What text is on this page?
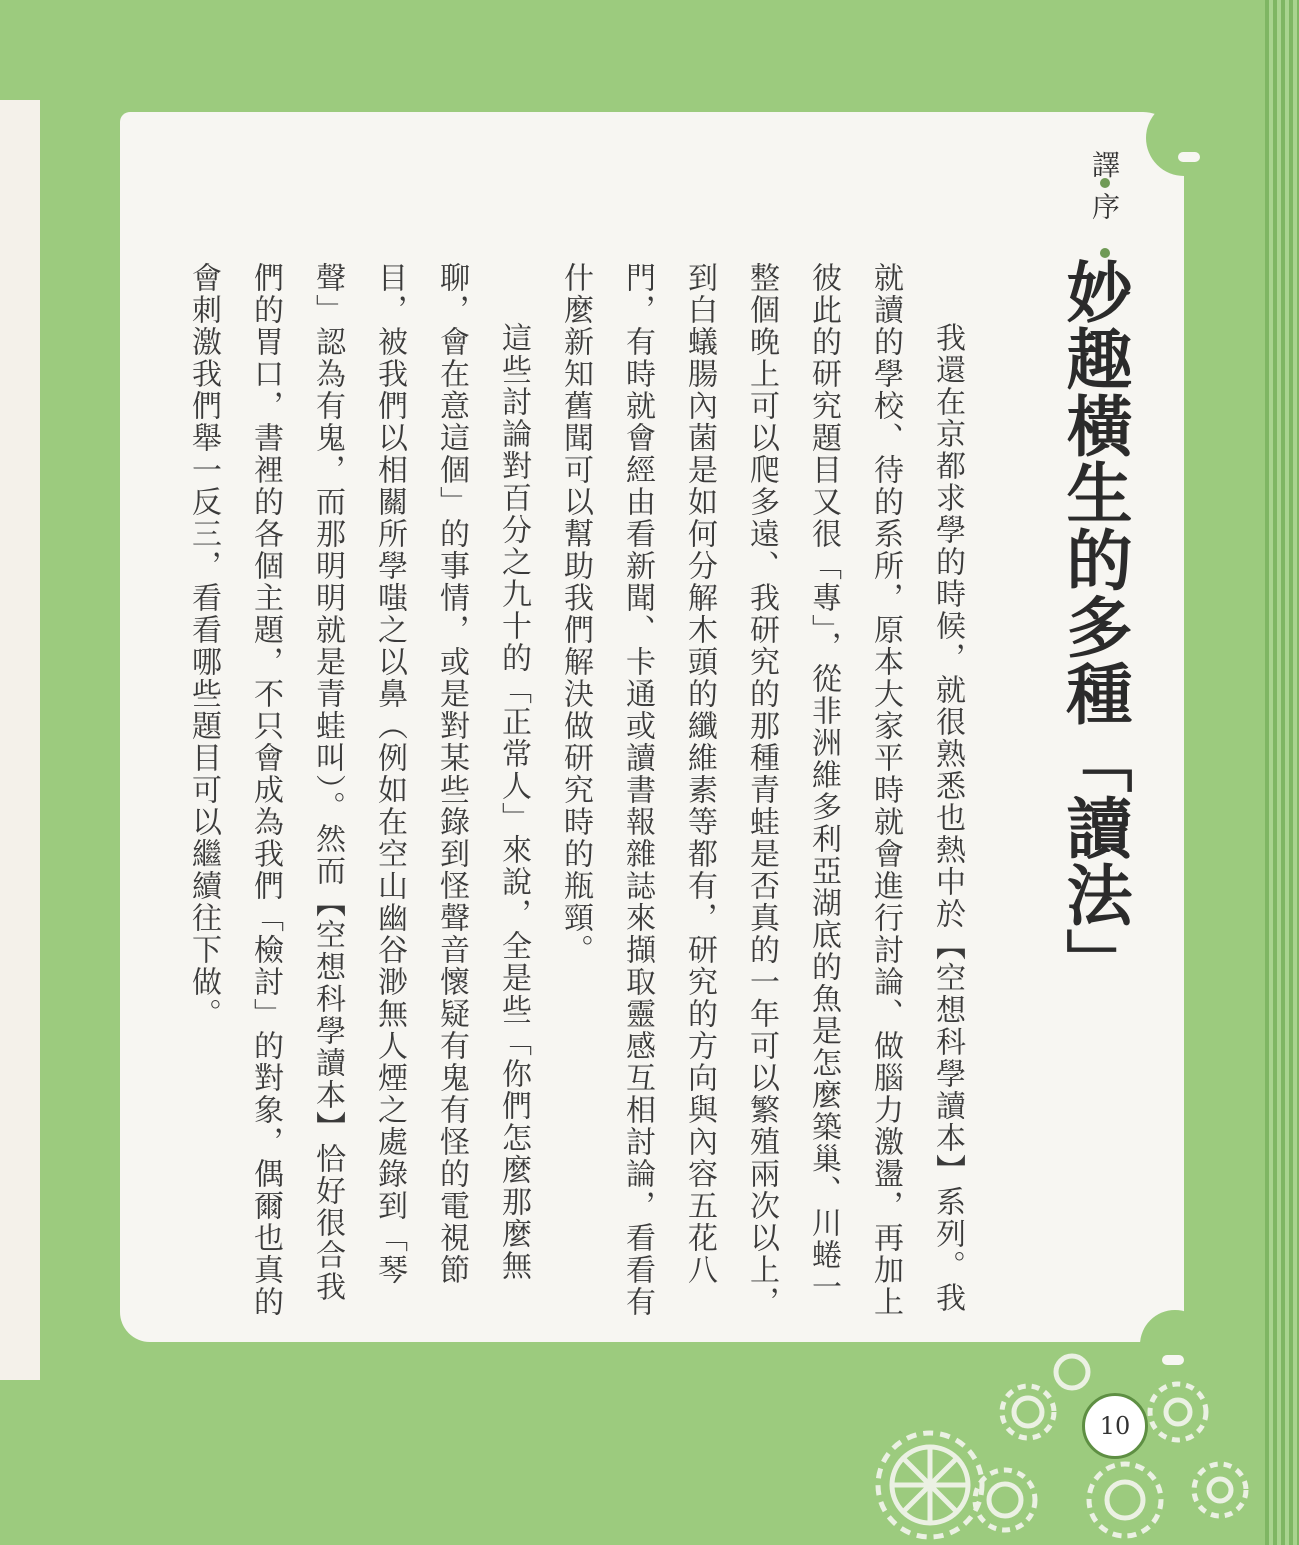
譯序
妙趣橫生的多種「讀法」

我還在京都求學的時候，就很熟悉也熱中於【空想科學讀本】系列。我就讀的學校、待的系所，原本大家平時就會進行討論、做腦力激盪，再加上彼此的研究題目又很「專」，從非洲維多利亞湖底的魚是怎麼築巢、川蜷一整個晚上可以爬多遠、我研究的那種青蛙是否真的一年可以繁殖兩次以上，到白蟻腸內菌是如何分解木頭的纖維素等都有，研究的方向與內容五花八門，有時就會經由看新聞、卡通或讀書報雜誌來擷取靈感互相討論，看看有什麼新知舊聞可以幫助我們解決做研究時的瓶頸。

這些討論對百分之九十的「正常人」來說，全是些「你們怎麼那麼無聊，會在意這個」的事情，或是對某些錄到怪聲音懷疑有鬼有怪的電視節目，被我們以相關所學嗤之以鼻（例如在空山幽谷渺無人煙之處錄到「琴聲」認為有鬼，而那明明就是青蛙叫）。然而【空想科學讀本】恰好很合我們的胃口，書裡的各個主題，不只會成為我們「檢討」的對象，偶爾也真的會刺激我們舉一反三，看看哪些題目可以繼續往下做。

10
